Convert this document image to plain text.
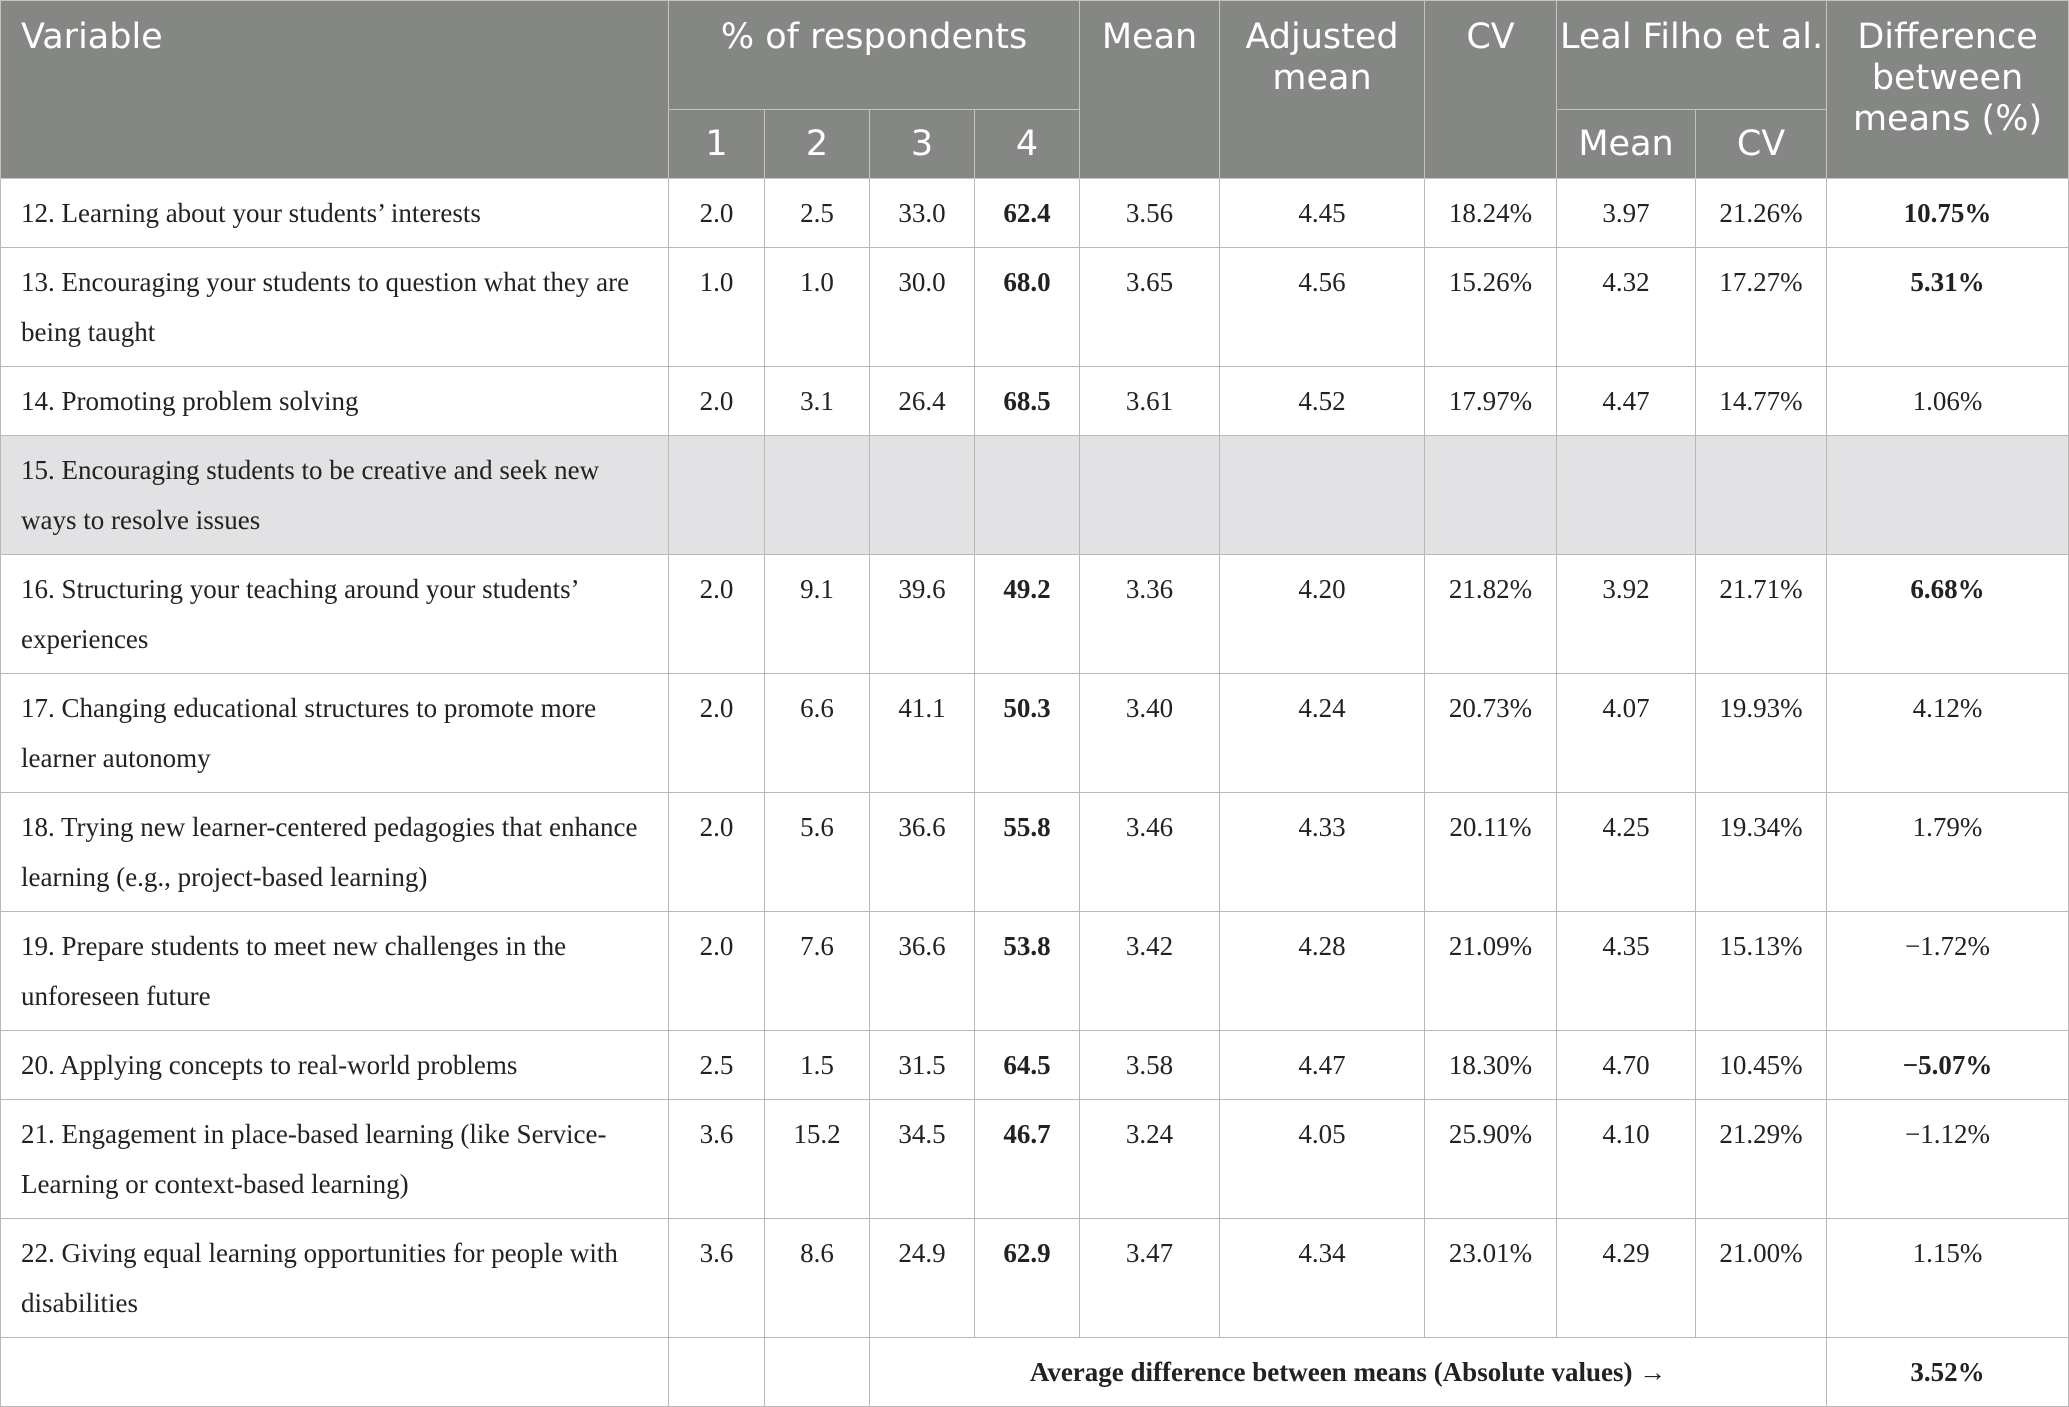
Variable	% of respondents				Mean	Adjusted mean	CV	Leal Filho et al.		Difference between means (%)
	1	2	3	4				Mean	CV	
12. Learning about your students’ interests	2.0	2.5	33.0	62.4	3.56	4.45	18.24%	3.97	21.26%	10.75%
13. Encouraging your students to question what they are being taught	1.0	1.0	30.0	68.0	3.65	4.56	15.26%	4.32	17.27%	5.31%
14. Promoting problem solving	2.0	3.1	26.4	68.5	3.61	4.52	17.97%	4.47	14.77%	1.06%
15. Encouraging students to be creative and seek new ways to resolve issues										
16. Structuring your teaching around your students’ experiences	2.0	9.1	39.6	49.2	3.36	4.20	21.82%	3.92	21.71%	6.68%
17. Changing educational structures to promote more learner autonomy	2.0	6.6	41.1	50.3	3.40	4.24	20.73%	4.07	19.93%	4.12%
18. Trying new learner-centered pedagogies that enhance learning (e.g., project-based learning)	2.0	5.6	36.6	55.8	3.46	4.33	20.11%	4.25	19.34%	1.79%
19. Prepare students to meet new challenges in the unforeseen future	2.0	7.6	36.6	53.8	3.42	4.28	21.09%	4.35	15.13%	−1.72%
20. Applying concepts to real-world problems	2.5	1.5	31.5	64.5	3.58	4.47	18.30%	4.70	10.45%	−5.07%
21. Engagement in place-based learning (like Service-Learning or context-based learning)	3.6	15.2	34.5	46.7	3.24	4.05	25.90%	4.10	21.29%	−1.12%
22. Giving equal learning opportunities for people with disabilities	3.6	8.6	24.9	62.9	3.47	4.34	23.01%	4.29	21.00%	1.15%
			Average difference between means (Absolute values) →							3.52%
